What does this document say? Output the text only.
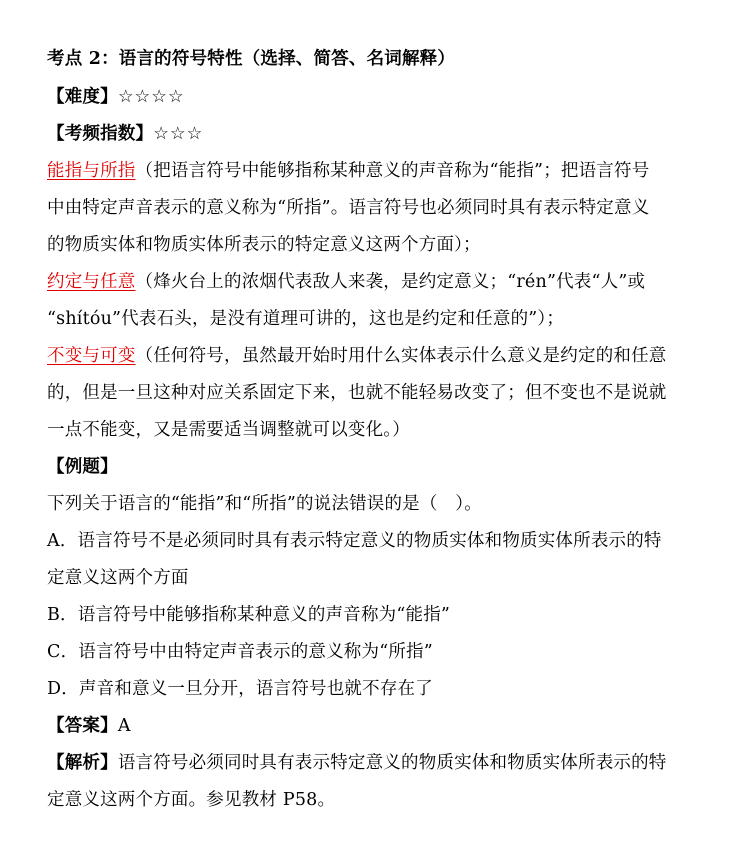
考点 2：语言的符号特性（选择、简答、名词解释）
【难度】☆☆☆☆
【考频指数】☆☆☆
能指与所指（把语言符号中能够指称某种意义的声音称为“能指”；把语言符号
中由特定声音表示的意义称为“所指”。语言符号也必须同时具有表示特定意义
的物质实体和物质实体所表示的特定意义这两个方面）；
约定与任意（烽火台上的浓烟代表敌人来袭，是约定意义；“rén”代表“人”或
“shítóu”代表石头，是没有道理可讲的，这也是约定和任意的”）；
不变与可变（任何符号，虽然最开始时用什么实体表示什么意义是约定的和任意
的，但是一旦这种对应关系固定下来，也就不能轻易改变了；但不变也不是说就
一点不能变，又是需要适当调整就可以变化。）
【例题】
下列关于语言的“能指”和“所指”的说法错误的是（　）。
A．语言符号不是必须同时具有表示特定意义的物质实体和物质实体所表示的特
定意义这两个方面
B．语言符号中能够指称某种意义的声音称为“能指”
C．语言符号中由特定声音表示的意义称为“所指”
D．声音和意义一旦分开，语言符号也就不存在了
【答案】A
【解析】语言符号必须同时具有表示特定意义的物质实体和物质实体所表示的特
定意义这两个方面。参见教材 P58。
